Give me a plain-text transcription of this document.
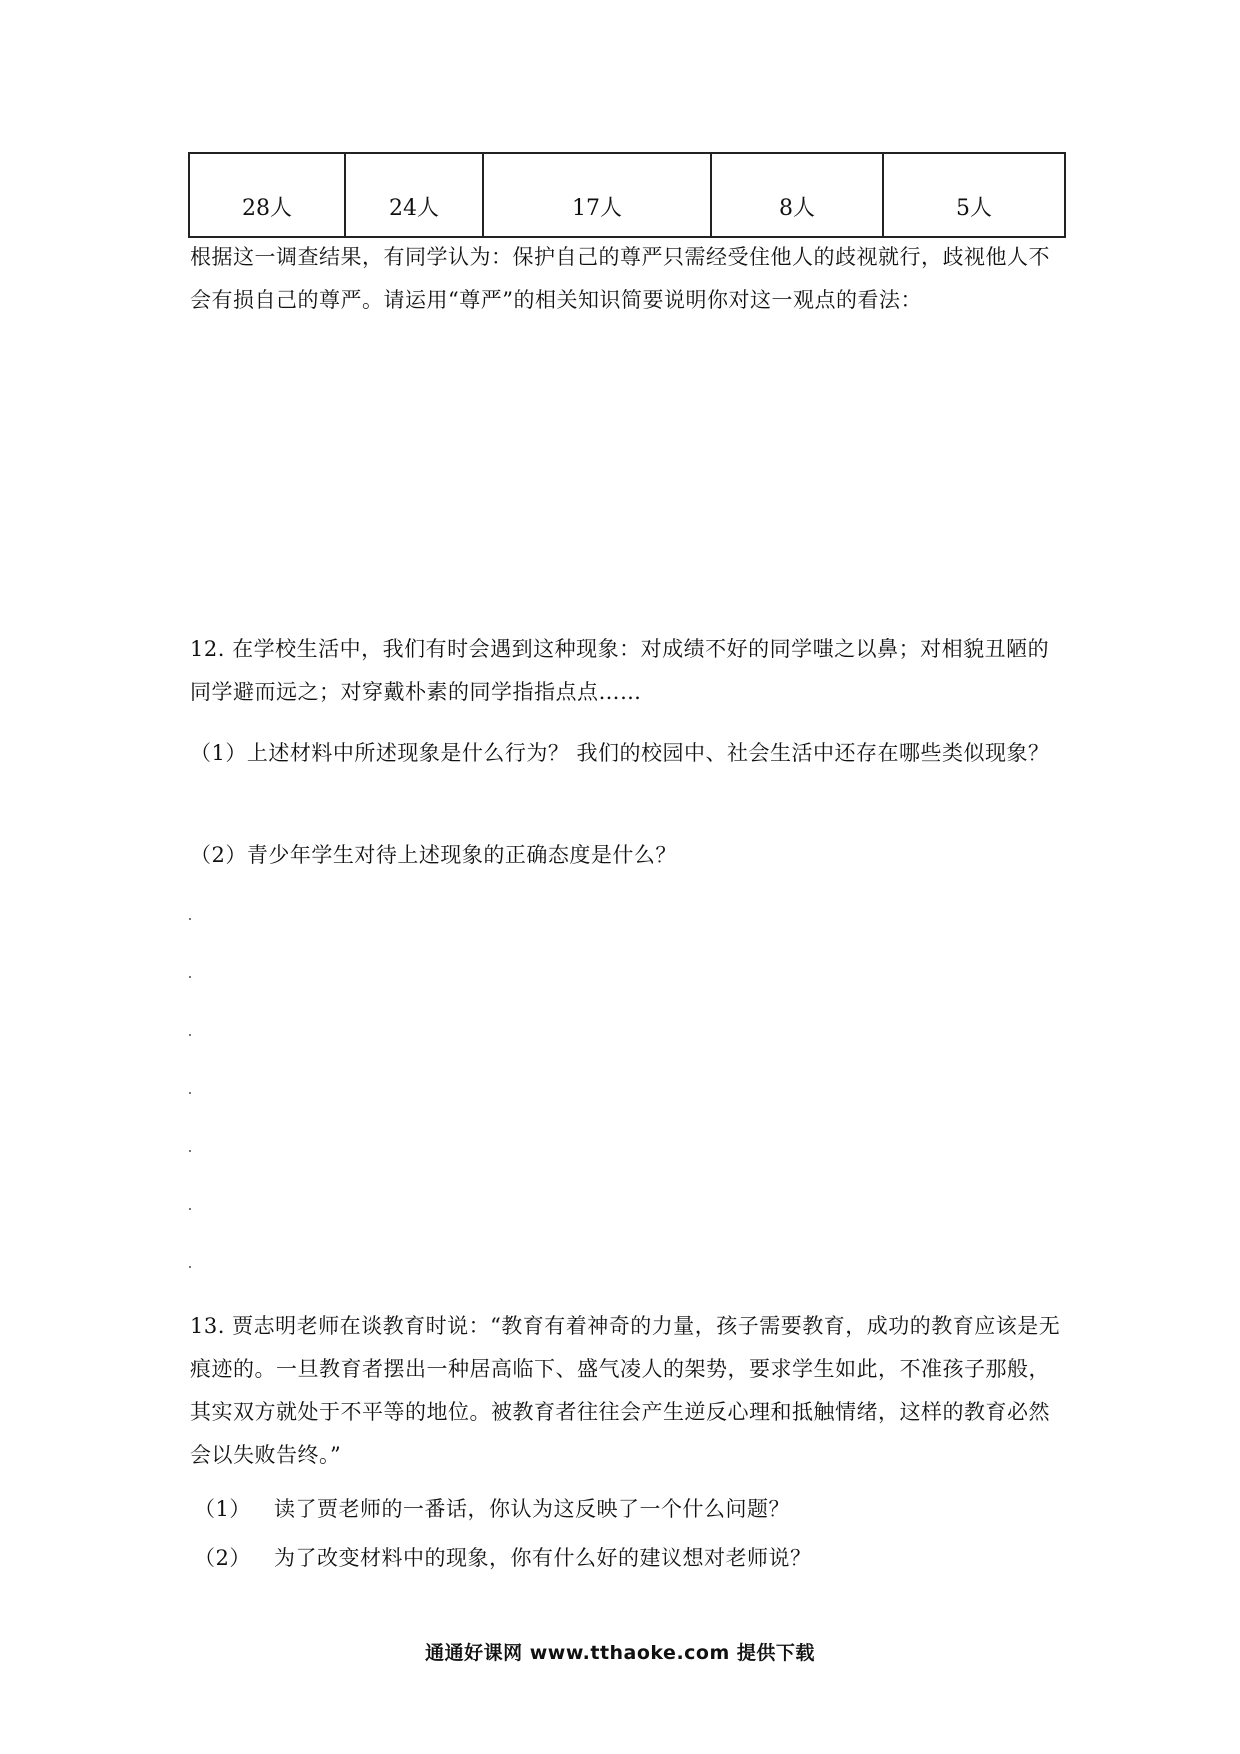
28人	24人	17人	8人	5人

根据这一调查结果，有同学认为：保护自己的尊严只需经受住他人的歧视就行，歧视他人不会有损自己的尊严。请运用“尊严”的相关知识简要说明你对这一观点的看法：

12. 在学校生活中，我们有时会遇到这种现象：对成绩不好的同学嗤之以鼻；对相貌丑陋的同学避而远之；对穿戴朴素的同学指指点点……

（1）上述材料中所述现象是什么行为？ 我们的校园中、社会生活中还存在哪些类似现象？

（2）青少年学生对待上述现象的正确态度是什么？

13. 贾志明老师在谈教育时说：“教育有着神奇的力量，孩子需要教育，成功的教育应该是无痕迹的。一旦教育者摆出一种居高临下、盛气凌人的架势，要求学生如此，不准孩子那般，其实双方就处于不平等的地位。被教育者往往会产生逆反心理和抵触情绪，这样的教育必然会以失败告终。”

（1） 读了贾老师的一番话，你认为这反映了一个什么问题？
（2） 为了改变材料中的现象，你有什么好的建议想对老师说？
通通好课网 www.tthaoke.com 提供下载
